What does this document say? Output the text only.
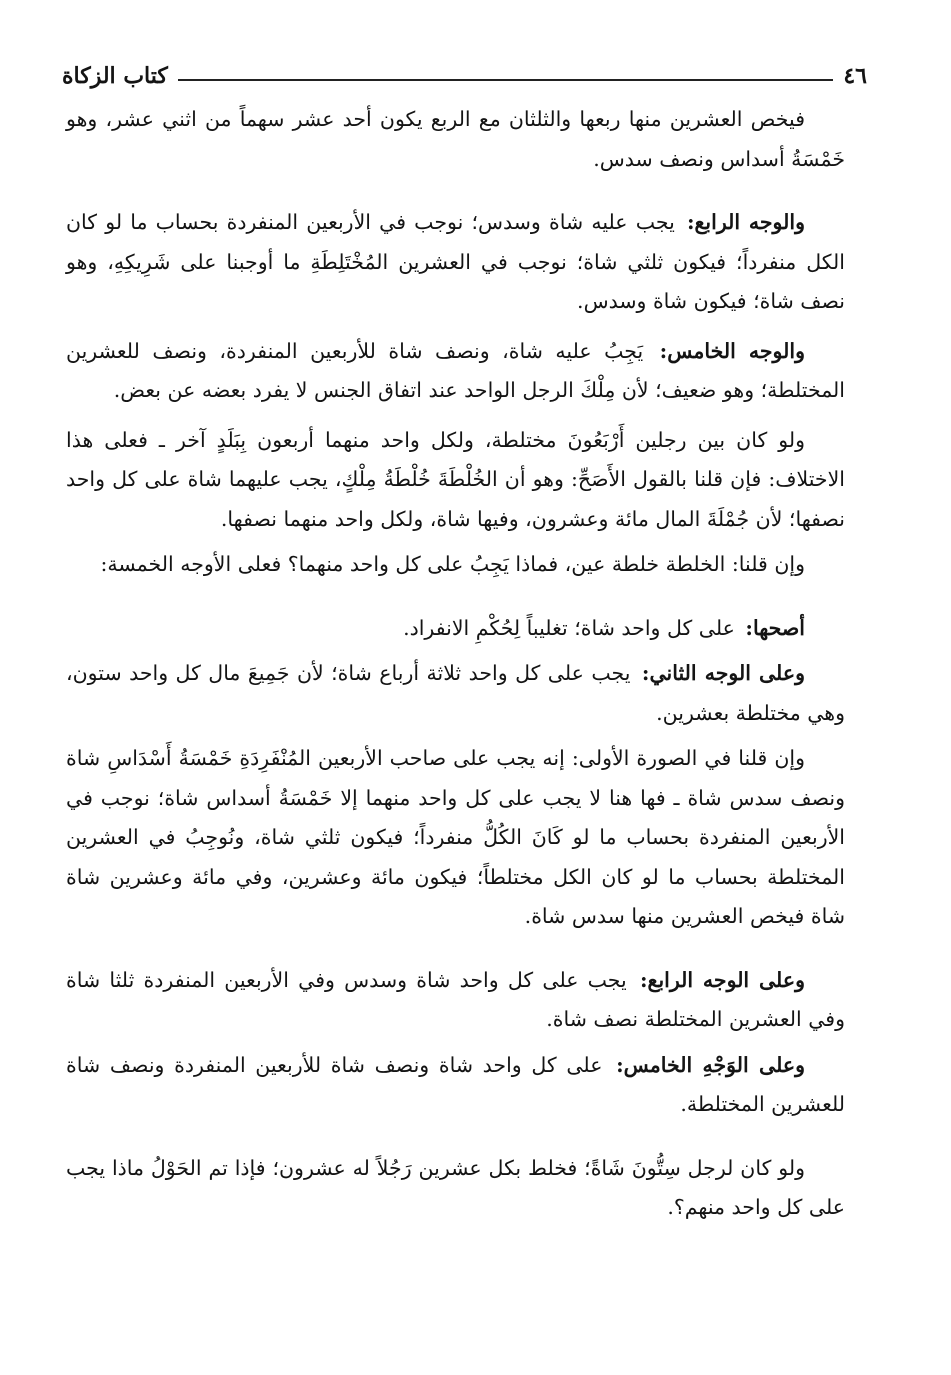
٤٦
كتاب الزكاة

فيخص العشرين منها ربعها والثلثان مع الربع يكون أحد عشر سهماً من اثني عشر، وهو خَمْسَةُ أسداس ونصف سدس.

والوجه الرابع: يجب عليه شاة وسدس؛ نوجب في الأربعين المنفردة بحساب ما لو كان الكل منفرداً؛ فيكون ثلثي شاة؛ نوجب في العشرين المُخْتَلِطَةِ ما أوجبنا على شَرِيكِهِ، وهو نصف شاة؛ فيكون شاة وسدس.

والوجه الخامس: يَجِبُ عليه شاة، ونصف شاة للأربعين المنفردة، ونصف للعشرين المختلطة؛ وهو ضعيف؛ لأن مِلْكَ الرجل الواحد عند اتفاق الجنس لا يفرد بعضه عن بعض.

ولو كان بين رجلين أَرْبَعُونَ مختلطة، ولكل واحد منهما أربعون بِبَلَدٍ آخر ـ فعلى هذا الاختلاف: فإن قلنا بالقول الأَصَحِّ: وهو أن الخُلْطَةَ خُلْطَةُ مِلْكٍ، يجب عليهما شاة على كل واحد نصفها؛ لأن جُمْلَةَ المال مائة وعشرون، وفيها شاة، ولكل واحد منهما نصفها.

وإن قلنا: الخلطة خلطة عين، فماذا يَجِبُ على كل واحد منهما؟ فعلى الأوجه الخمسة:

أصحها: على كل واحد شاة؛ تغليباً لِحُكْمِ الانفراد.

وعلى الوجه الثاني: يجب على كل واحد ثلاثة أرباع شاة؛ لأن جَمِيعَ مال كل واحد ستون، وهي مختلطة بعشرين.

وإن قلنا في الصورة الأولى: إنه يجب على صاحب الأربعين المُنْفَرِدَةِ خَمْسَةُ أَسْدَاسِ شاة ونصف سدس شاة ـ فها هنا لا يجب على كل واحد منهما إلا خَمْسَةُ أسداس شاة؛ نوجب في الأربعين المنفردة بحساب ما لو كَانَ الكُلُّ منفرداً؛ فيكون ثلثي شاة، ونُوجِبُ في العشرين المختلطة بحساب ما لو كان الكل مختلطاً؛ فيكون مائة وعشرين، وفي مائة وعشرين شاة شاة فيخص العشرين منها سدس شاة.

وعلى الوجه الرابع: يجب على كل واحد شاة وسدس وفي الأربعين المنفردة ثلثا شاة وفي العشرين المختلطة نصف شاة.

وعلى الوَجْهِ الخامس: على كل واحد شاة ونصف شاة للأربعين المنفردة ونصف شاة للعشرين المختلطة.

ولو كان لرجل سِتُّونَ شَاةً؛ فخلط بكل عشرين رَجُلاً له عشرون؛ فإذا تم الحَوْلُ ماذا يجب على كل واحد منهم؟.
